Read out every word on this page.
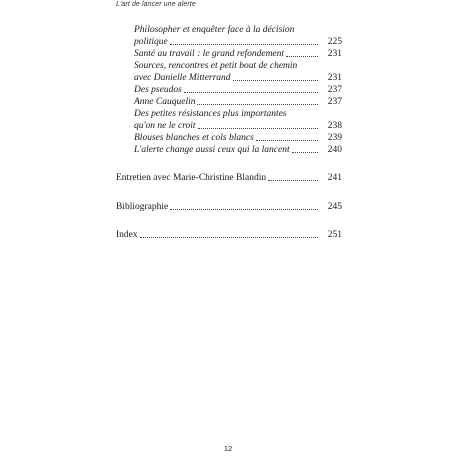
L'art de lancer une alerte
Philosopher et enquêter face à la décision
politique	225
Santé au travail : le grand refondement	231
Sources, rencontres et petit bout de chemin
avec Danielle Mitterrand	231
Des pseudos	237
Anne Cauquelin	237
Des petites résistances plus importantes
qu'on ne le croit	238
Blouses blanches et cols blancs	239
L'alerte change aussi ceux qui la lancent	240
Entretien avec Marie-Christine Blandin	241
Bibliographie	245
Index	251
12
